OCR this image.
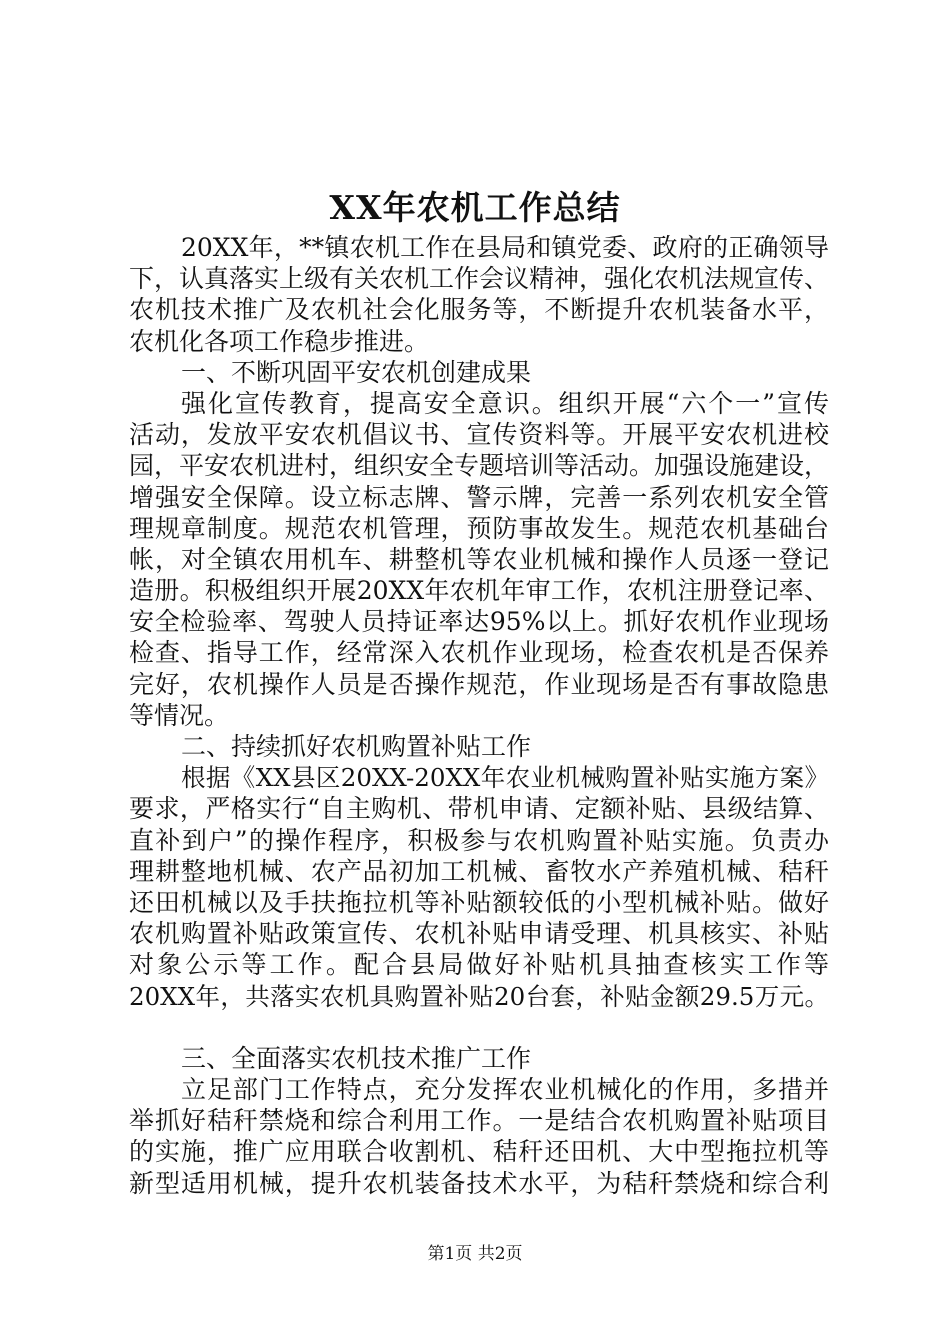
XX年农机工作总结
20XX年，**镇农机工作在县局和镇党委、政府的正确领导
下，认真落实上级有关农机工作会议精神，强化农机法规宣传、
农机技术推广及农机社会化服务等，不断提升农机装备水平，
农机化各项工作稳步推进。
一、不断巩固平安农机创建成果
强化宣传教育，提高安全意识。组织开展“六个一”宣传
活动，发放平安农机倡议书、宣传资料等。开展平安农机进校
园，平安农机进村，组织安全专题培训等活动。加强设施建设，
增强安全保障。设立标志牌、警示牌，完善一系列农机安全管
理规章制度。规范农机管理，预防事故发生。规范农机基础台
帐，对全镇农用机车、耕整机等农业机械和操作人员逐一登记
造册。积极组织开展20XX年农机年审工作，农机注册登记率、
安全检验率、驾驶人员持证率达95%以上。抓好农机作业现场
检查、指导工作，经常深入农机作业现场，检查农机是否保养
完好，农机操作人员是否操作规范，作业现场是否有事故隐患
等情况。
二、持续抓好农机购置补贴工作
根据《XX县区20XX-20XX年农业机械购置补贴实施方案》
要求，严格实行“自主购机、带机申请、定额补贴、县级结算、
直补到户”的操作程序，积极参与农机购置补贴实施。负责办
理耕整地机械、农产品初加工机械、畜牧水产养殖机械、秸秆
还田机械以及手扶拖拉机等补贴额较低的小型机械补贴。做好
农机购置补贴政策宣传、农机补贴申请受理、机具核实、补贴
对象公示等工作。配合县局做好补贴机具抽查核实工作等
20XX年，共落实农机具购置补贴20台套，补贴金额29.5万元。
三、全面落实农机技术推广工作
立足部门工作特点，充分发挥农业机械化的作用，多措并
举抓好秸秆禁烧和综合利用工作。一是结合农机购置补贴项目
的实施，推广应用联合收割机、秸秆还田机、大中型拖拉机等
新型适用机械，提升农机装备技术水平，为秸秆禁烧和综合利
第1页 共2页
